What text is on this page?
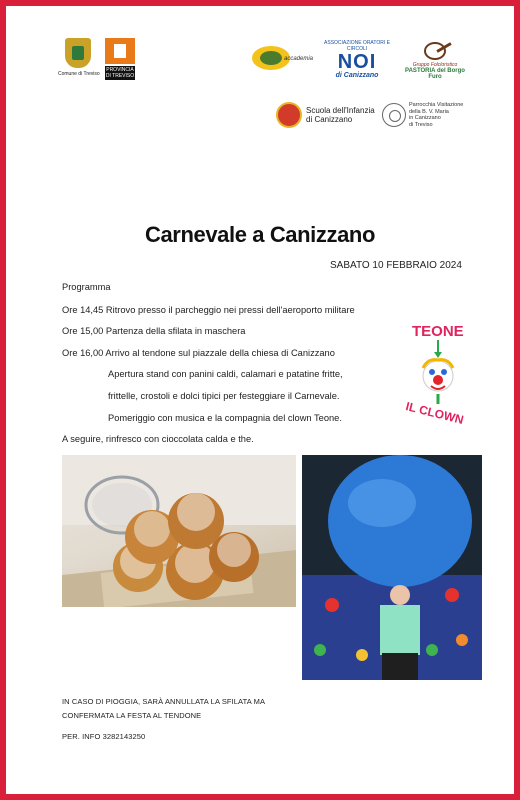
Comune di Treviso
PROVINCIA DI TREVISO
accademia
ASSOCIAZIONE ORATORI E CIRCOLI
NOI
di Canizzano
Gruppo Folcloristico
PASTORIA del Borgo Furo
Scuola dell'Infanzia
di Canizzano
Parrocchia Visitazione
della B. V. Maria
in Canizzano
di Treviso
Carnevale a Canizzano
SABATO 10 FEBBRAIO 2024
Programma
Ore 14,45 Ritrovo presso il parcheggio nei pressi dell'aeroporto militare
Ore 15,00 Partenza della sfilata in maschera
Ore 16,00 Arrivo al tendone sul piazzale della chiesa di Canizzano
Apertura stand con panini caldi, calamari e patatine fritte,
frittelle, crostoli e dolci tipici per festeggiare il Carnevale.
Pomeriggio con musica e la compagnia del clown Teone.
A seguire, rinfresco con cioccolata calda e the.
TEONE
IL CLOWN
IN CASO DI PIOGGIA, SARÀ ANNULLATA LA SFILATA MA
CONFERMATA LA FESTA AL TENDONE
PER. INFO 3282143250
